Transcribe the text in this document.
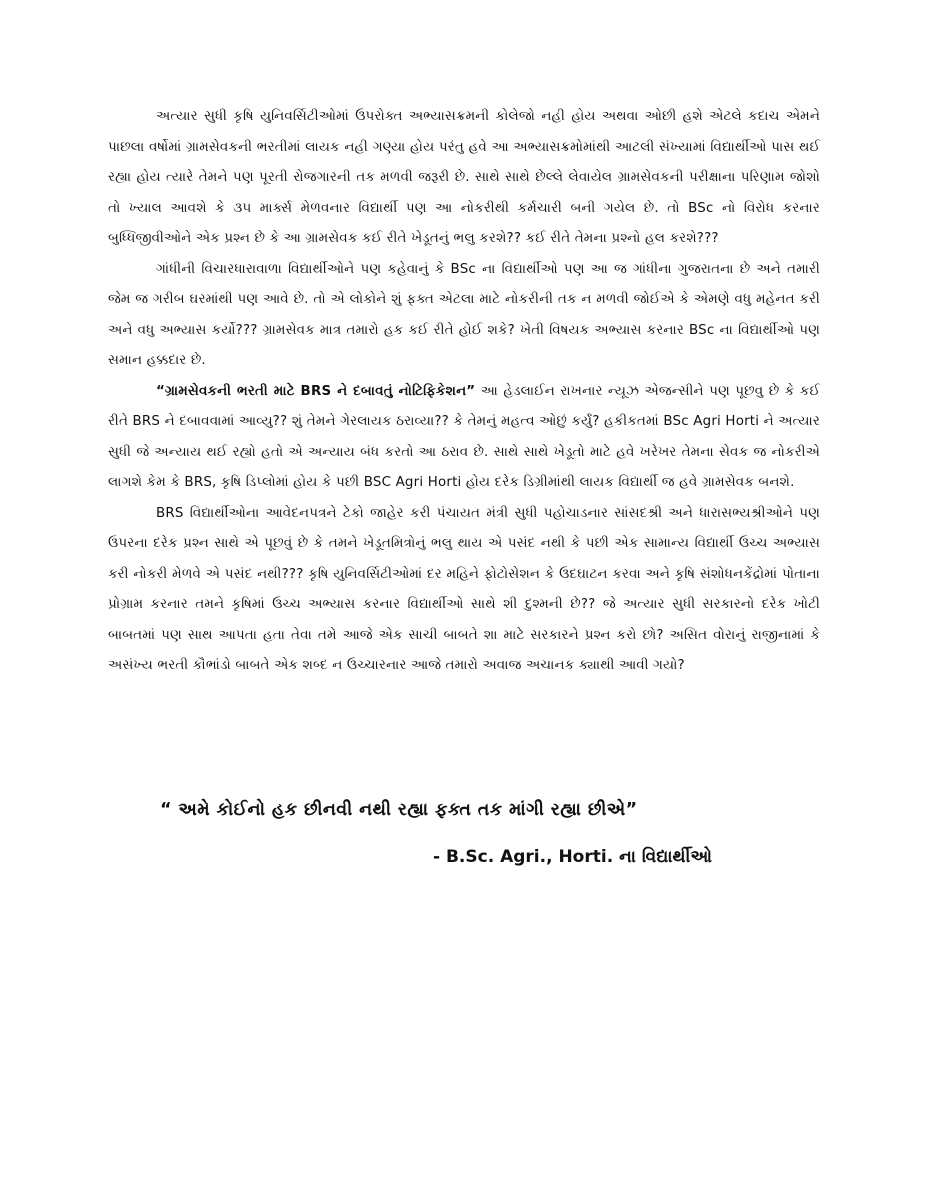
અત્યાર સુધી કૃષિ યુનિવર્સિટીઓમાં ઉપરોક્ત અભ્યાસક્રમની કોલેજો નહી હોય અથવા ઓછી હશે એટલે કદાચ એમને પાછલા વર્ષોમાં ગ્રામસેવકની ભરતીમાં લાયક નહી ગણ્યા હોય પરંતુ હવે આ અભ્યાસક્રમોમાંથી આટલી સંખ્યામાં વિદ્યાર્થીઓ પાસ થઈ રહ્યા હોય ત્યારે તેમને પણ પૂરતી રોજગારની તક મળવી જરૂરી છે. સાથે સાથે છેલ્લે લેવાયેલ ગ્રામસેવકની પરીક્ષાના પરિણામ જોશો તો ખ્યાલ આવશે કે ૩૫ માર્ક્સ મેળવનાર વિદ્યાર્થી પણ આ નોકરીથી કર્મચારી બની ગયેલ છે. તો BSc નો વિરોધ કરનાર બુધ્ધિજીવીઓને એક પ્રશ્ન છે કે આ ગ્રામસેવક કઈ રીતે ખેડૂતનું ભલુ કરશે?? કઈ રીતે તેમના પ્રશ્નો હલ કરશે???

ગાંધીની વિચારધારાવાળા વિદ્યાર્થીઓને પણ કહેવાનું કે BSc ના વિદ્યાર્થીઓ પણ આ જ ગાંધીના ગુજરાતના છે અને તમારી જેમ જ ગરીબ ઘરમાંથી પણ આવે છે. તો એ લોકોને શું ફક્ત એટલા માટે નોકરીની તક ન મળવી જોઈએ કે એમણે વધુ મહેનત કરી અને વધુ અભ્યાસ કર્યો??? ગ્રામસેવક માત્ર તમારો હક કઈ રીતે હોઈ શકે? ખેતી વિષયક અભ્યાસ કરનાર BSc ના વિદ્યાર્થીઓ પણ સમાન હક્કદાર છે.

“ગ્રામસેવકની ભરતી માટે BRS ને દબાવતું નોટિફિકેશન” આ હેડલાઈન રાખનાર ન્યૂઝ એજન્સીને પણ પૂછવુ છે કે કઈ રીતે BRS ને દબાવવામાં આવ્યુ?? શું તેમને ગેરલાયક ઠરાવ્યા?? કે તેમનું મહત્વ ઓછું કર્યું? હકીકતમાં BSc Agri Horti ને અત્યાર સુધી જે અન્યાય થઈ રહ્યો હતો એ અન્યાય બંધ કરતો આ ઠરાવ છે. સાથે સાથે ખેડૂતો માટે હવે ખરેખર તેમના સેવક જ નોકરીએ લાગશે કેમ કે BRS, કૃષિ ડિપ્લોમાં હોય કે પછી BSC Agri Horti હોય દરેક ડિગ્રીમાંથી લાયક વિદ્યાર્થી જ હવે ગ્રામસેવક બનશે.

BRS વિદ્યાર્થીઓના આવેદનપત્રને ટેકો જાહેર કરી પંચાયત મંત્રી સુધી પહોચાડનાર સાંસદશ્રી અને ધારાસભ્યશ્રીઓને પણ ઉપરના દરેક પ્રશ્ન સાથે એ પૂછવું છે કે તમને ખેડૂતમિત્રોનું ભલુ થાય એ પસંદ નથી કે પછી એક સામાન્ય વિદ્યાર્થી ઉચ્ચ અભ્યાસ કરી નોકરી મેળવે એ પસંદ નથી??? કૃષિ યુનિવર્સિટીઓમાં દર મહિને ફોટોસેશન કે ઉદઘાટન કરવા અને કૃષિ સંશોધનકેંદ્રોમાં પોતાના પ્રોગ્રામ કરનાર તમને કૃષિમાં ઉચ્ચ અભ્યાસ કરનાર વિદ્યાર્થીઓ સાથે શી દુશ્મની છે?? જે અત્યાર સુધી સરકારનો દરેક ખોટી બાબતમાં પણ સાથ આપતા હતા તેવા તમે આજે એક સાચી બાબતે શા માટે સરકારને પ્રશ્ન કરો છો? અસિત વોરાનું રાજીનામાં કે અસંખ્ય ભરતી કૌભાંડો બાબતે એક શબ્દ ન ઉચ્ચારનાર આજે તમારો અવાજ અચાનક ક્યાથી આવી ગયો?

“ અમે કોઈનો હક છીનવી નથી રહ્યા ફક્ત તક માંગી રહ્યા છીએ”
- B.Sc. Agri., Horti. ના વિદ્યાર્થીઓ
